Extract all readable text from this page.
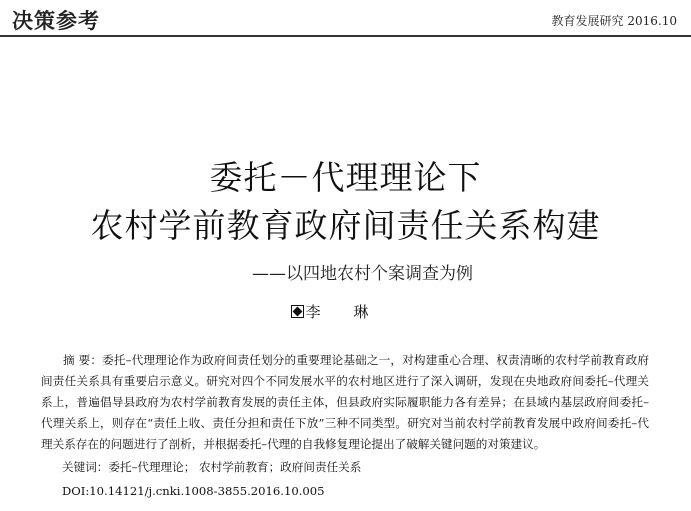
决策参考	教育发展研究 2016.10
委托－代理理论下
农村学前教育政府间责任关系构建
——以四地农村个案调查为例
李 琳
摘 要：委托–代理理论作为政府间责任划分的重要理论基础之一，对构建重心合理、权责清晰的农村学前教育政府间责任关系具有重要启示意义。研究对四个不同发展水平的农村地区进行了深入调研，发现在央地政府间委托–代理关系上，普遍倡导县政府为农村学前教育发展的责任主体，但县政府实际履职能力各有差异；在县域内基层政府间委托–代理关系上，则存在“责任上收、责任分担和责任下放”三种不同类型。研究对当前农村学前教育发展中政府间委托–代理关系存在的问题进行了剖析，并根据委托–代理的自我修复理论提出了破解关键问题的对策建议。
关键词：委托–代理理论； 农村学前教育；政府间责任关系
DOI:10.14121/j.cnki.1008-3855.2016.10.005
